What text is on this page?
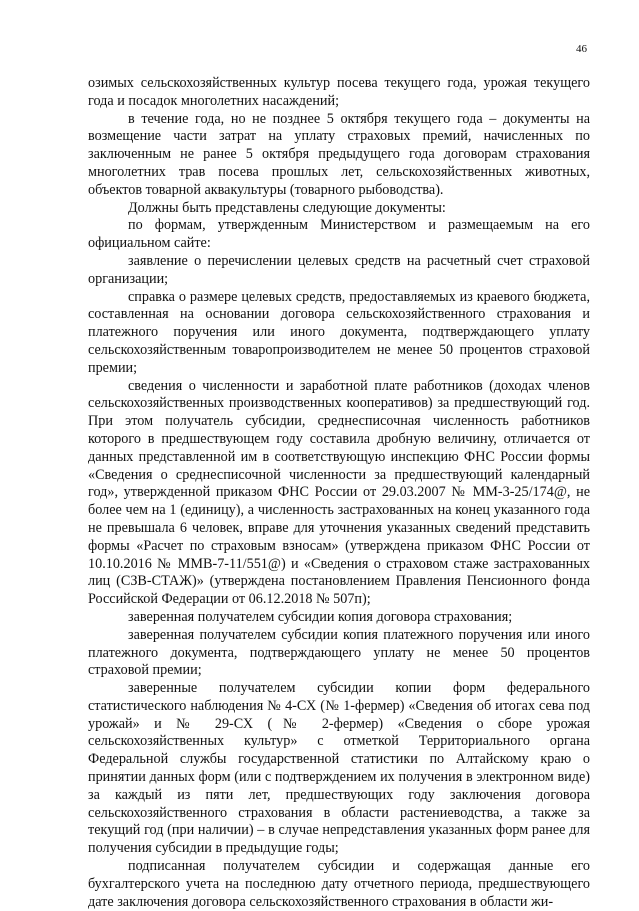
46

озимых сельскохозяйственных культур посева текущего года, урожая текущего года и посадок многолетних насаждений;

в течение года, но не позднее 5 октября текущего года – документы на возмещение части затрат на уплату страховых премий, начисленных по заключенным не ранее 5 октября предыдущего года договорам страхования многолетних трав посева прошлых лет, сельскохозяйственных животных, объектов товарной аквакультуры (товарного рыбоводства).

Должны быть представлены следующие документы:

по формам, утвержденным Министерством и размещаемым на его официальном сайте:

заявление о перечислении целевых средств на расчетный счет страховой организации;

справка о размере целевых средств, предоставляемых из краевого бюджета, составленная на основании договора сельскохозяйственного страхования и платежного поручения или иного документа, подтверждающего уплату сельскохозяйственным товаропроизводителем не менее 50 процентов страховой премии;

сведения о численности и заработной плате работников (доходах членов сельскохозяйственных производственных кооперативов) за предшествующий год. При этом получатель субсидии, среднесписочная численность работников которого в предшествующем году составила дробную величину, отличается от данных представленной им в соответствующую инспекцию ФНС России формы «Сведения о среднесписочной численности за предшествующий календарный год», утвержденной приказом ФНС России от 29.03.2007 № ММ-3-25/174@, не более чем на 1 (единицу), а численность застрахованных на конец указанного года не превышала 6 человек, вправе для уточнения указанных сведений представить формы «Расчет по страховым взносам» (утверждена приказом ФНС России от 10.10.2016 № ММВ-7-11/551@) и «Сведения о страховом стаже застрахованных лиц (СЗВ-СТАЖ)» (утверждена постановлением Правления Пенсионного фонда Российской Федерации от 06.12.2018 № 507п);

заверенная получателем субсидии копия договора страхования;

заверенная получателем субсидии копия платежного поручения или иного платежного документа, подтверждающего уплату не менее 50 процентов страховой премии;

заверенные получателем субсидии копии форм федерального статистического наблюдения № 4-СХ (№ 1-фермер) «Сведения об итогах сева под урожай» и № 29-СХ (№ 2-фермер) «Сведения о сборе урожая сельскохозяйственных культур» с отметкой Территориального органа Федеральной службы государственной статистики по Алтайскому краю о принятии данных форм (или с подтверждением их получения в электронном виде) за каждый из пяти лет, предшествующих году заключения договора сельскохозяйственного страхования в области растениеводства, а также за текущий год (при наличии) – в случае непредставления указанных форм ранее для получения субсидии в предыдущие годы;

подписанная получателем субсидии и содержащая данные его бухгалтерского учета на последнюю дату отчетного периода, предшествующего дате заключения договора сельскохозяйственного страхования в области жи-
